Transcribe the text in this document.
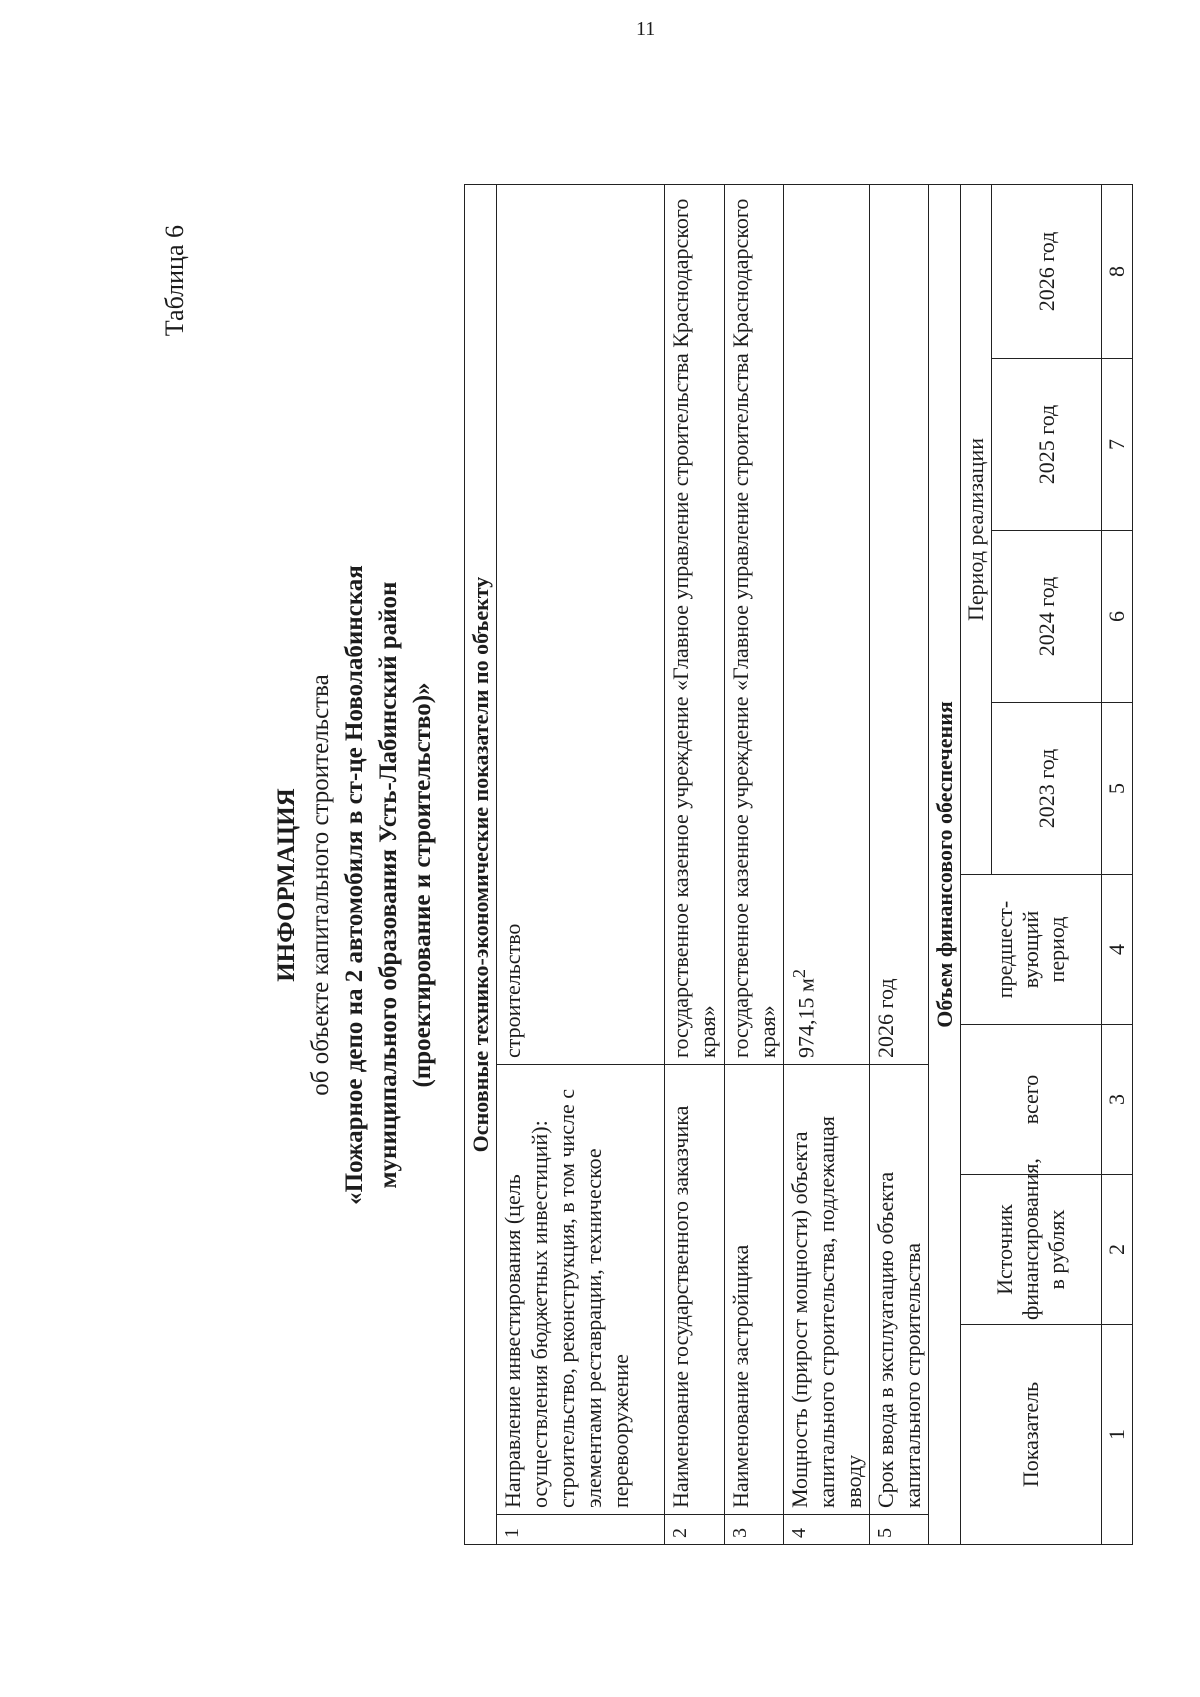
11
Таблица 6
ИНФОРМАЦИЯ об объекте капитального строительства «Пожарное депо на 2 автомобиля в ст-це Новолабинская муниципального образования Усть-Лабинский район (проектирование и строительство)» Основные технико-экономические показатели по объекту		
1	Направление инвестирования (цель осуществления бюджетных инвестиций): строительство, реконструкция, в том числе с элементами реставрации, техническое перевооружение	строительство
2	Наименование государственного заказчика	государственное казенное учреждение «Главное управление строительства Краснодарского края»
3	Наименование застройщика	государственное казенное учреждение «Главное управление строительства Краснодарского края»
4	Мощность (прирост мощности) объекта капитального строительства, подлежащая вводу	974,15 $м^2$
5	Срок ввода в эксплуатацию объекта капитального строительства	2026 год
Объем финансового обеспечения		
Показатель	Источник финансирования, в рублях	всего	предшест-вующий период	Период реализации			
				2023 год	2024 год	2025 год	2026 год
1	2	3	4	5	6	7	8
